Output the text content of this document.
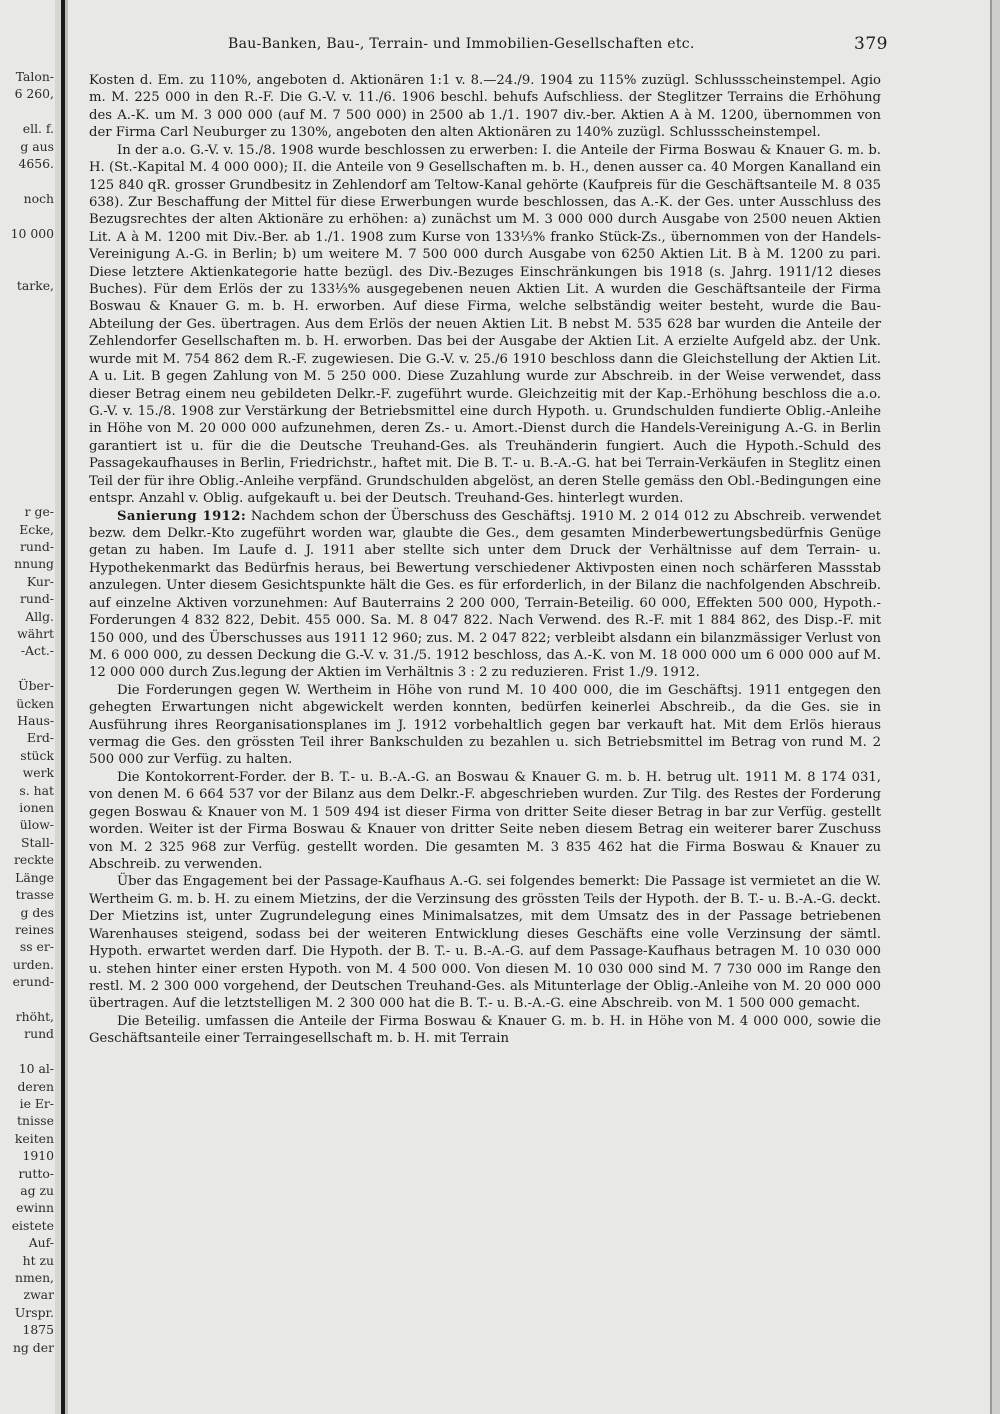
Talon-
6 260,
ell. f.
g aus
4656.
noch
10 000
tarke,
r ge-
Ecke,
rund-
nnung
Kur-
rund-
Allg.
währt
-Act.-
Über-
ücken
Haus-
Erd-
stück
werk
s. hat
ionen
ülow-
Stall-
reckte
Länge
trasse
g des
reines
ss er-
urden.
erund-
rhöht,
rund
10 al-
deren
ie Er-
tnisse
keiten
1910
rutto-
ag zu
ewinn
eistete
Auf-
ht zu
nmen,
zwar
Urspr.
1875
ng der
Bau-Banken, Bau-, Terrain- und Immobilien-Gesellschaften etc.	379

Kosten d. Em. zu 110%, angeboten d. Aktionären 1:1 v. 8.—24./9. 1904 zu 115% zuzügl. Schlussscheinstempel. Agio m. M. 225 000 in den R.-F. Die G.-V. v. 11./6. 1906 beschl. behufs Aufschliess. der Steglitzer Terrains die Erhöhung des A.-K. um M. 3 000 000 (auf M. 7 500 000) in 2500 ab 1./1. 1907 div.-ber. Aktien A à M. 1200, übernommen von der Firma Carl Neuburger zu 130%, angeboten den alten Aktionären zu 140% zuzügl. Schlussscheinstempel.

In der a.o. G.-V. v. 15./8. 1908 wurde beschlossen zu erwerben: I. die Anteile der Firma Boswau & Knauer G. m. b. H. (St.-Kapital M. 4 000 000); II. die Anteile von 9 Gesellschaften m. b. H., denen ausser ca. 40 Morgen Kanalland ein 125 840 qR. grosser Grundbesitz in Zehlendorf am Teltow-Kanal gehörte (Kaufpreis für die Geschäftsanteile M. 8 035 638). Zur Beschaffung der Mittel für diese Erwerbungen wurde beschlossen, das A.-K. der Ges. unter Ausschluss des Bezugsrechtes der alten Aktionäre zu erhöhen: a) zunächst um M. 3 000 000 durch Ausgabe von 2500 neuen Aktien Lit. A à M. 1200 mit Div.-Ber. ab 1./1. 1908 zum Kurse von 133⅓% franko Stück-Zs., übernommen von der Handels-Vereinigung A.-G. in Berlin; b) um weitere M. 7 500 000 durch Ausgabe von 6250 Aktien Lit. B à M. 1200 zu pari. Diese letztere Aktienkategorie hatte bezügl. des Div.-Bezuges Einschränkungen bis 1918 (s. Jahrg. 1911/12 dieses Buches). Für dem Erlös der zu 133⅓% ausgegebenen neuen Aktien Lit. A wurden die Geschäftsanteile der Firma Boswau & Knauer G. m. b. H. erworben. Auf diese Firma, welche selbständig weiter besteht, wurde die Bau-Abteilung der Ges. übertragen. Aus dem Erlös der neuen Aktien Lit. B nebst M. 535 628 bar wurden die Anteile der Zehlendorfer Gesellschaften m. b. H. erworben. Das bei der Ausgabe der Aktien Lit. A erzielte Aufgeld abz. der Unk. wurde mit M. 754 862 dem R.-F. zugewiesen. Die G.-V. v. 25./6 1910 beschloss dann die Gleichstellung der Aktien Lit. A u. Lit. B gegen Zahlung von M. 5 250 000. Diese Zuzahlung wurde zur Abschreib. in der Weise verwendet, dass dieser Betrag einem neu gebildeten Delkr.-F. zugeführt wurde. Gleichzeitig mit der Kap.-Erhöhung beschloss die a.o. G.-V. v. 15./8. 1908 zur Verstärkung der Betriebsmittel eine durch Hypoth. u. Grundschulden fundierte Oblig.-Anleihe in Höhe von M. 20 000 000 aufzunehmen, deren Zs.- u. Amort.-Dienst durch die Handels-Vereinigung A.-G. in Berlin garantiert ist u. für die die Deutsche Treuhand-Ges. als Treuhänderin fungiert. Auch die Hypoth.-Schuld des Passagekaufhauses in Berlin, Friedrichstr., haftet mit. Die B. T.- u. B.-A.-G. hat bei Terrain-Verkäufen in Steglitz einen Teil der für ihre Oblig.-Anleihe verpfänd. Grundschulden abgelöst, an deren Stelle gemäss den Obl.-Bedingungen eine entspr. Anzahl v. Oblig. aufgekauft u. bei der Deutsch. Treuhand-Ges. hinterlegt wurden.

Sanierung 1912: Nachdem schon der Überschuss des Geschäftsj. 1910 M. 2 014 012 zu Abschreib. verwendet bezw. dem Delkr.-Kto zugeführt worden war, glaubte die Ges., dem gesamten Minderbewertungsbedürfnis Genüge getan zu haben. Im Laufe d. J. 1911 aber stellte sich unter dem Druck der Verhältnisse auf dem Terrain- u. Hypothekenmarkt das Bedürfnis heraus, bei Bewertung verschiedener Aktivposten einen noch schärferen Massstab anzulegen. Unter diesem Gesichtspunkte hält die Ges. es für erforderlich, in der Bilanz die nachfolgenden Abschreib. auf einzelne Aktiven vorzunehmen: Auf Bauterrains 2 200 000, Terrain-Beteilig. 60 000, Effekten 500 000, Hypoth.-Forderungen 4 832 822, Debit. 455 000. Sa. M. 8 047 822. Nach Verwend. des R.-F. mit 1 884 862, des Disp.-F. mit 150 000, und des Überschusses aus 1911 12 960; zus. M. 2 047 822; verbleibt alsdann ein bilanzmässiger Verlust von M. 6 000 000, zu dessen Deckung die G.-V. v. 31./5. 1912 beschloss, das A.-K. von M. 18 000 000 um 6 000 000 auf M. 12 000 000 durch Zus.legung der Aktien im Verhältnis 3 : 2 zu reduzieren. Frist 1./9. 1912.

Die Forderungen gegen W. Wertheim in Höhe von rund M. 10 400 000, die im Geschäftsj. 1911 entgegen den gehegten Erwartungen nicht abgewickelt werden konnten, bedürfen keinerlei Abschreib., da die Ges. sie in Ausführung ihres Reorganisationsplanes im J. 1912 vorbehaltlich gegen bar verkauft hat. Mit dem Erlös hieraus vermag die Ges. den grössten Teil ihrer Bankschulden zu bezahlen u. sich Betriebsmittel im Betrag von rund M. 2 500 000 zur Verfüg. zu halten.

Die Kontokorrent-Forder. der B. T.- u. B.-A.-G. an Boswau & Knauer G. m. b. H. betrug ult. 1911 M. 8 174 031, von denen M. 6 664 537 vor der Bilanz aus dem Delkr.-F. abgeschrieben wurden. Zur Tilg. des Restes der Forderung gegen Boswau & Knauer von M. 1 509 494 ist dieser Firma von dritter Seite dieser Betrag in bar zur Verfüg. gestellt worden. Weiter ist der Firma Boswau & Knauer von dritter Seite neben diesem Betrag ein weiterer barer Zuschuss von M. 2 325 968 zur Verfüg. gestellt worden. Die gesamten M. 3 835 462 hat die Firma Boswau & Knauer zu Abschreib. zu verwenden.

Über das Engagement bei der Passage-Kaufhaus A.-G. sei folgendes bemerkt: Die Passage ist vermietet an die W. Wertheim G. m. b. H. zu einem Mietzins, der die Verzinsung des grössten Teils der Hypoth. der B. T.- u. B.-A.-G. deckt. Der Mietzins ist, unter Zugrundelegung eines Minimalsatzes, mit dem Umsatz des in der Passage betriebenen Warenhauses steigend, sodass bei der weiteren Entwicklung dieses Geschäfts eine volle Verzinsung der sämtl. Hypoth. erwartet werden darf. Die Hypoth. der B. T.- u. B.-A.-G. auf dem Passage-Kaufhaus betragen M. 10 030 000 u. stehen hinter einer ersten Hypoth. von M. 4 500 000. Von diesen M. 10 030 000 sind M. 7 730 000 im Range den restl. M. 2 300 000 vorgehend, der Deutschen Treuhand-Ges. als Mitunterlage der Oblig.-Anleihe von M. 20 000 000 übertragen. Auf die letztstelligen M. 2 300 000 hat die B. T.- u. B.-A.-G. eine Abschreib. von M. 1 500 000 gemacht.

Die Beteilig. umfassen die Anteile der Firma Boswau & Knauer G. m. b. H. in Höhe von M. 4 000 000, sowie die Geschäftsanteile einer Terraingesellschaft m. b. H. mit Terrain
